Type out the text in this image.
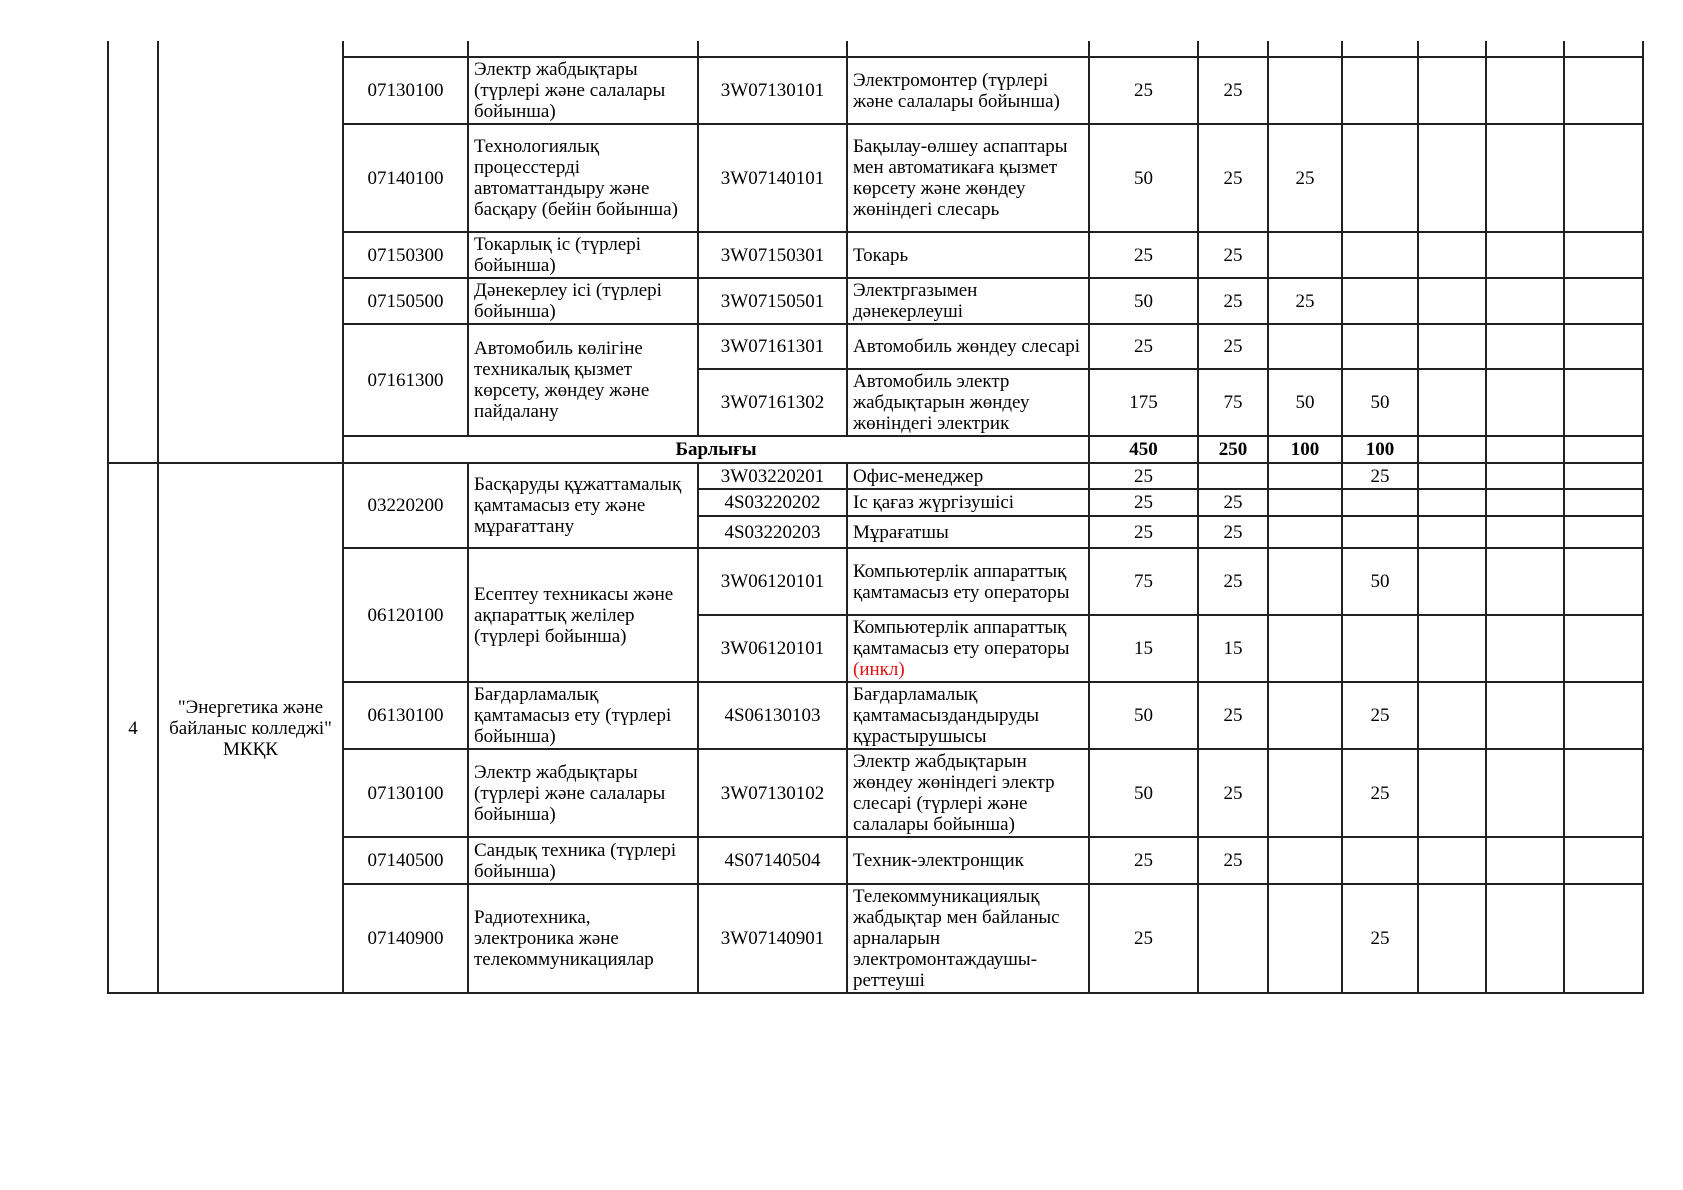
		07130100	Электр жабдықтары (түрлері және салалары бойынша)	3W07130101	Электромонтер (түрлері және салалары бойынша)	25	25					
		07140100	Технологиялық процесстерді автоматтандыру және басқару (бейін бойынша)	3W07140101	Бақылау-өлшеу аспаптары мен автоматикаға қызмет көрсету және жөндеу жөніндегі слесарь	50	25	25				
		07150300	Токарлық іс (түрлері бойынша)	3W07150301	Токарь	25	25					
		07150500	Дәнекерлеу ісі (түрлері бойынша)	3W07150501	Электргазымен дәнекерлеуші	50	25	25				
		07161300	Автомобиль көлігіне техникалық қызмет көрсету, жөндеу және пайдалану	3W07161301	Автомобиль жөндеу слесарі	25	25					
				3W07161302	Автомобиль электр жабдықтарын жөндеу жөніндегі электрик	175	75	50	50			
		Барлығы				450	250	100	100			
4	"Энергетика және байланыс колледжі" МКҚК	03220200	Басқаруды құжаттамалық қамтамасыз ету және мұрағаттану	3W03220201	Офис-менеджер	25			25			
				4S03220202	Іс қағаз жүргізушісі	25	25					
				4S03220203	Мұрағатшы	25	25					
		06120100	Есептеу техникасы және ақпараттық желілер (түрлері бойынша)	3W06120101	Компьютерлік аппараттық қамтамасыз ету операторы	75	25		50			
				3W06120101	Компьютерлік аппараттық қамтамасыз ету операторы (инкл)	15	15					
		06130100	Бағдарламалық қамтамасыз ету (түрлері бойынша)	4S06130103	Бағдарламалық қамтамасыздандыруды құрастырушысы	50	25		25			
		07130100	Электр жабдықтары (түрлері және салалары бойынша)	3W07130102	Электр жабдықтарын жөндеу жөніндегі электр слесарі (түрлері және салалары бойынша)	50	25		25			
		07140500	Сандық техника (түрлері бойынша)	4S07140504	Техник-электронщик	25	25					
		07140900	Радиотехника, электроника және телекоммуникациялар	3W07140901	Телекоммуникациялық жабдықтар мен байланыс арналарын электромонтаждаушы-реттеуші	25			25			
